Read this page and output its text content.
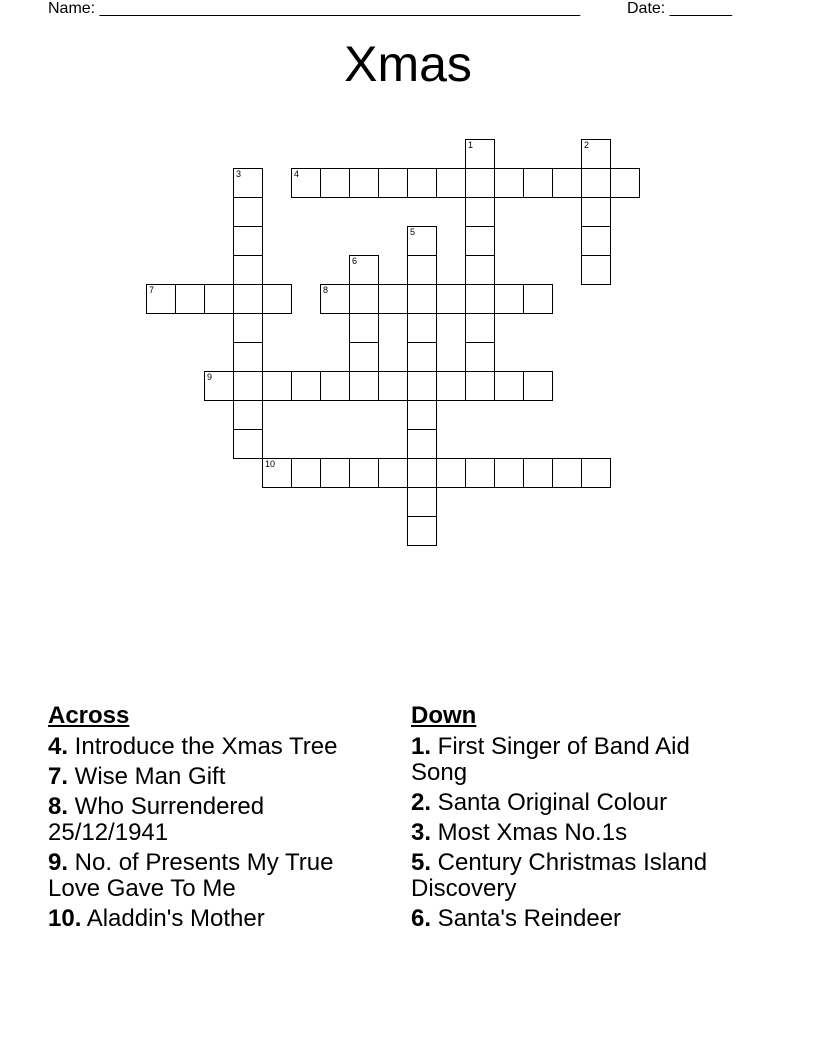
Name: ______________________________________________________	Date: _______
Xmas
1	2
3	4
5
6
7	8
9
10
Across
4. Introduce the Xmas Tree
7. Wise Man Gift
8. Who Surrendered 25/12/1941
9. No. of Presents My True Love Gave To Me
10. Aladdin's Mother
Down
1. First Singer of Band Aid Song
2. Santa Original Colour
3. Most Xmas No.1s
5. Century Christmas Island Discovery
6. Santa's Reindeer
